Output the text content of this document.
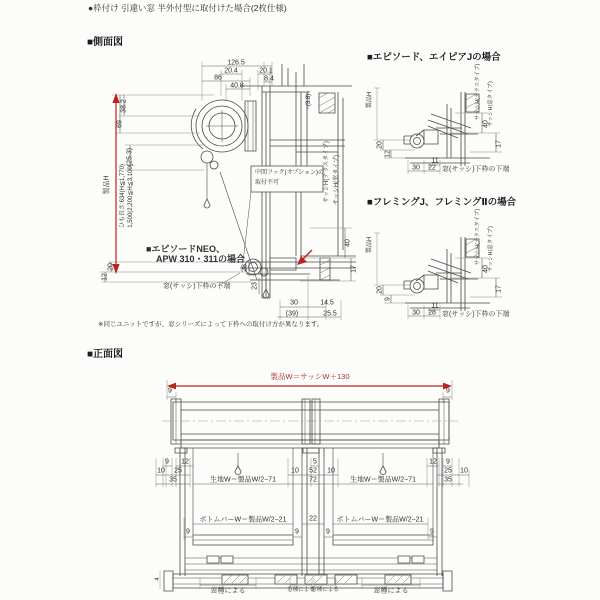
●枠付け 引違い窓 半外付型に取付けた場合(2枚仕様)
■側面図
■エピソード、エイピアJの場合
■フレミングJ、フレミングⅡの場合
■正面図
126.5
20.4
86
40.8
20.1
8.4
(3.8)
38.2
69
(25.3)
製品H ひも長さ:634(H≦1,770) 1,500(2,200≦H≦3,100)
20
12
サッシH(テラスタイプ) サッシH(窓タイプ)
40
17
28
23
30
(39)
14.5
25.5
中間フック(オプション)の
取付不可
■エピソードNEO、
APW 310・311の場合
窓(サッシ)下枠の下端
※同じユニットですが、窓シリーズによって下枠への取付け方が異なります。
製品H
20
12
30 22
11
窓(サッシ)下枠の下端
40
17
サッシH(テラスタイプ) サッシH(窓タイプ)
製品H
20
9
30 28
11
窓(サッシ)下枠の下端
40
17
サッシH(テラスタイプ) サッシH(窓タイプ)
製品W＝サッシW＋130
9	9
9 12
10 25
35
5
10 52 10
72
12 9
25 10
35
生地W＝製品W/2−71	生地W＝製品W/2−71
ボトムバーW＝製品W/2−21	ボトムバーW＝製品W/2−21
22
9	9	9	9
4
窓種による	窓種による
窓種による	窓種による
